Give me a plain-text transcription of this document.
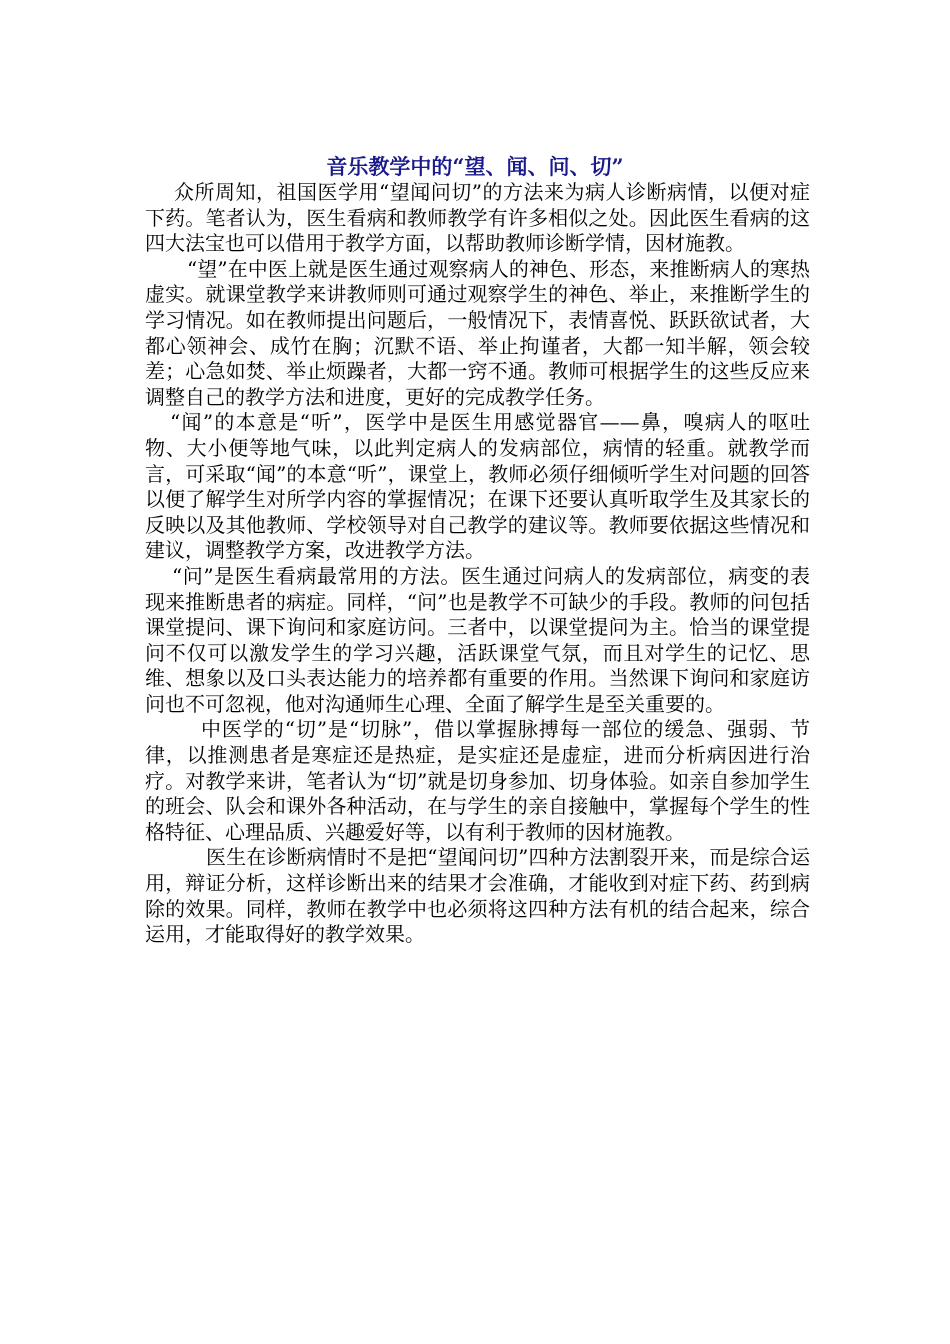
音乐教学中的“望、闻、问、切”

众所周知，祖国医学用“望闻问切”的方法来为病人诊断病情，以便对症下药。笔者认为，医生看病和教师教学有许多相似之处。因此医生看病的这四大法宝也可以借用于教学方面，以帮助教师诊断学情，因材施教。

“望”在中医上就是医生通过观察病人的神色、形态，来推断病人的寒热虚实。就课堂教学来讲教师则可通过观察学生的神色、举止，来推断学生的学习情况。如在教师提出问题后，一般情况下，表情喜悦、跃跃欲试者，大都心领神会、成竹在胸；沉默不语、举止拘谨者，大都一知半解，领会较差；心急如焚、举止烦躁者，大都一窍不通。教师可根据学生的这些反应来调整自己的教学方法和进度，更好的完成教学任务。

“闻”的本意是“听”，医学中是医生用感觉器官——鼻，嗅病人的呕吐物、大小便等地气味，以此判定病人的发病部位，病情的轻重。就教学而言，可采取“闻”的本意“听”，课堂上，教师必须仔细倾听学生对问题的回答以便了解学生对所学内容的掌握情况；在课下还要认真听取学生及其家长的反映以及其他教师、学校领导对自己教学的建议等。教师要依据这些情况和建议，调整教学方案，改进教学方法。

“问”是医生看病最常用的方法。医生通过问病人的发病部位，病变的表现来推断患者的病症。同样，“问”也是教学不可缺少的手段。教师的问包括课堂提问、课下询问和家庭访问。三者中，以课堂提问为主。恰当的课堂提问不仅可以激发学生的学习兴趣，活跃课堂气氛，而且对学生的记忆、思维、想象以及口头表达能力的培养都有重要的作用。当然课下询问和家庭访问也不可忽视，他对沟通师生心理、全面了解学生是至关重要的。

中医学的“切”是“切脉”，借以掌握脉搏每一部位的缓急、强弱、节律，以推测患者是寒症还是热症，是实症还是虚症，进而分析病因进行治疗。对教学来讲，笔者认为“切”就是切身参加、切身体验。如亲自参加学生的班会、队会和课外各种活动，在与学生的亲自接触中，掌握每个学生的性格特征、心理品质、兴趣爱好等，以有利于教师的因材施教。

医生在诊断病情时不是把“望闻问切”四种方法割裂开来，而是综合运用，辩证分析，这样诊断出来的结果才会准确，才能收到对症下药、药到病除的效果。同样，教师在教学中也必须将这四种方法有机的结合起来，综合运用，才能取得好的教学效果。
